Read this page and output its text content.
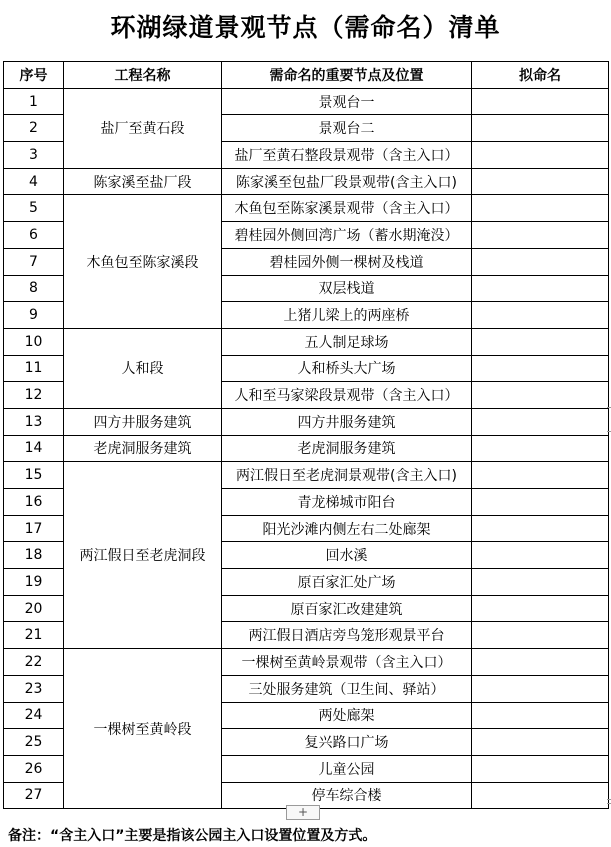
环湖绿道景观节点（需命名）清单
序号	工程名称	需命名的重要节点及位置	拟命名
1	盐厂至黄石段	景观台一	
2		景观台二	
3		盐厂至黄石整段景观带（含主入口）	
4	陈家溪至盐厂段	陈家溪至包盐厂段景观带(含主入口)	
5	木鱼包至陈家溪段	木鱼包至陈家溪景观带（含主入口）	
6		碧桂园外侧回湾广场（蓄水期淹没）	
7		碧桂园外侧一棵树及栈道	
8		双层栈道	
9		上猪儿梁上的两座桥	
10	人和段	五人制足球场	
11		人和桥头大广场	
12		人和至马家梁段景观带（含主入口）	
13	四方井服务建筑	四方井服务建筑	
14	老虎洞服务建筑	老虎洞服务建筑	
15	两江假日至老虎洞段	两江假日至老虎洞景观带(含主入口)	
16		青龙梯城市阳台	
17		阳光沙滩内侧左右二处廊架	
18		回水溪	
19		原百家汇处广场	
20		原百家汇改建建筑	
21		两江假日酒店旁鸟笼形观景平台	
22	一棵树至黄岭段	一棵树至黄岭景观带（含主入口）	
23		三处服务建筑（卫生间、驿站）	
24		两处廊架	
25		复兴路口广场	
26		儿童公园	
27		停车综合楼	
+
备注：“含主入口”主要是指该公园主入口设置位置及方式。
